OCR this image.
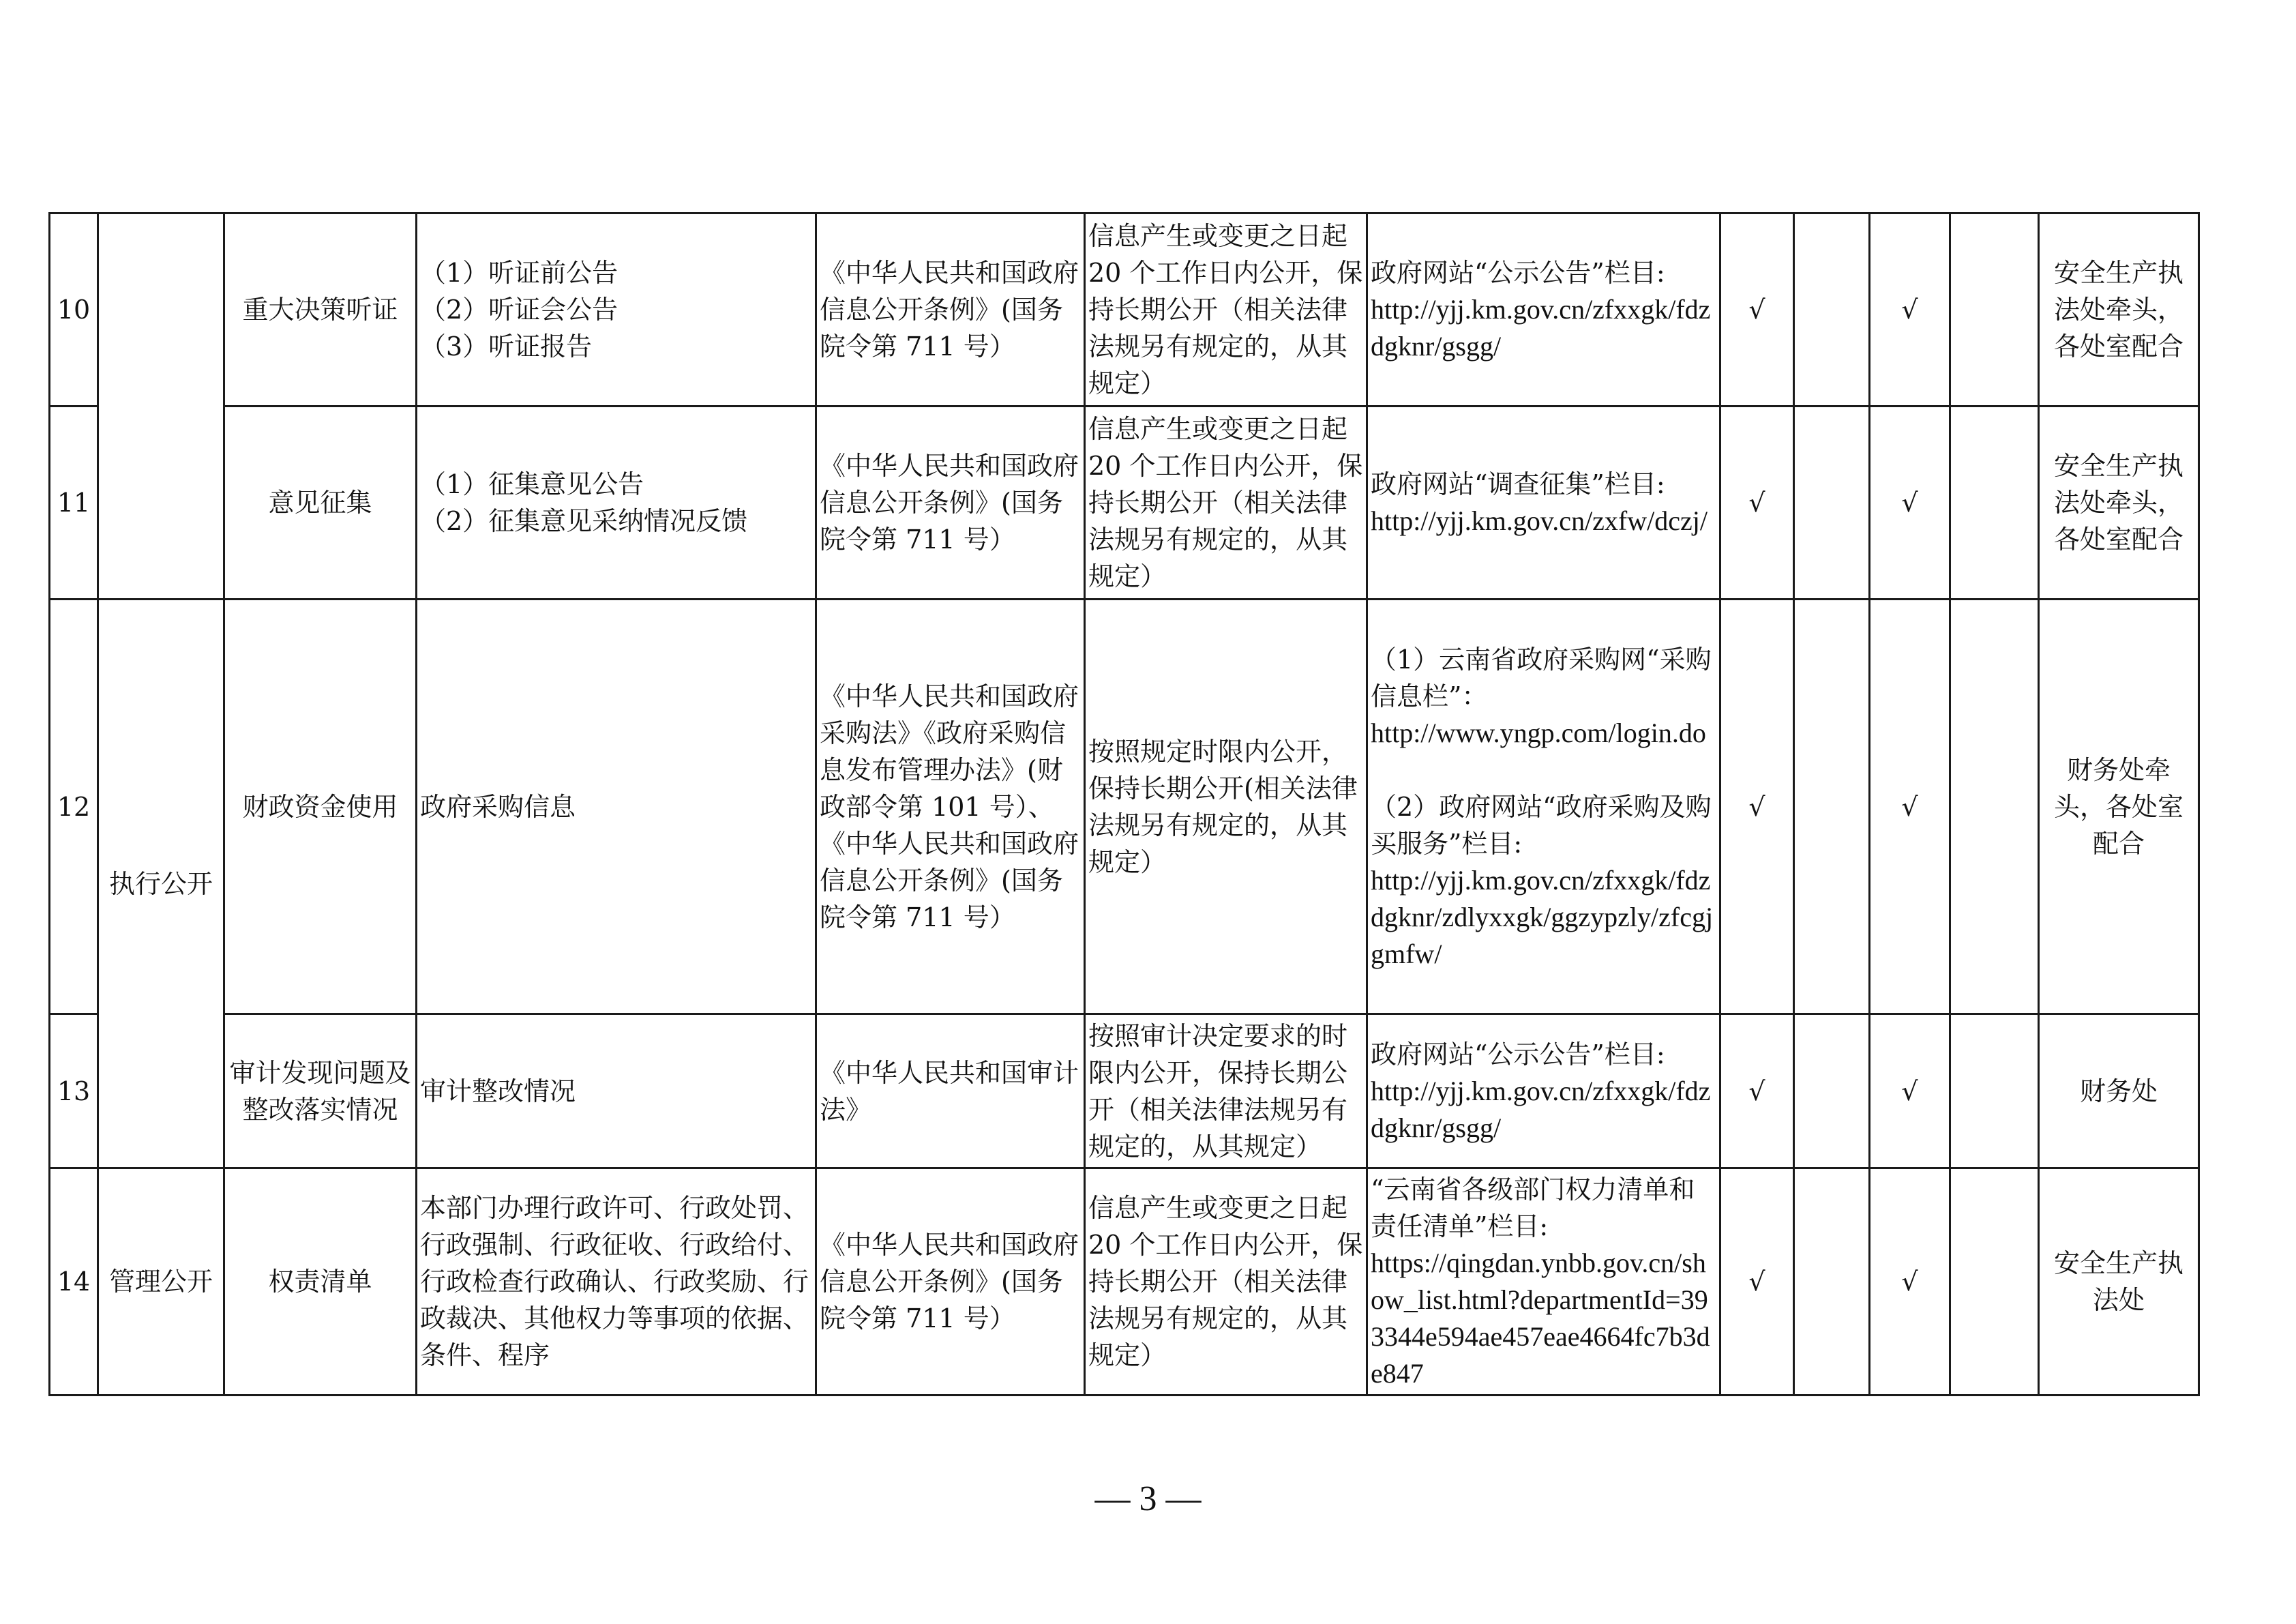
10		重大决策听证	（1）听证前公告
（2）听证会公告
（3）听证报告	《中华人民共和国政府信息公开条例》(国务院令第 711 号）	信息产生或变更之日起 20 个工作日内公开，保持长期公开（相关法律法规另有规定的，从其规定）	政府网站“公示公告”栏目:
http://yjj.km.gov.cn/zfxxgk/fdzdgknr/gsgg/	√		√		安全生产执法处牵头，各处室配合
11		意见征集	（1）征集意见公告
（2）征集意见采纳情况反馈	《中华人民共和国政府信息公开条例》(国务院令第 711 号）	信息产生或变更之日起 20 个工作日内公开，保持长期公开（相关法律法规另有规定的，从其规定）	政府网站“调查征集”栏目:
http://yjj.km.gov.cn/zxfw/dczj/	√		√		安全生产执法处牵头，各处室配合
12	执行公开	财政资金使用	政府采购信息	《中华人民共和国政府采购法》《政府采购信息发布管理办法》(财政部令第 101 号）、《中华人民共和国政府信息公开条例》(国务院令第 711 号）	按照规定时限内公开，保持长期公开(相关法律法规另有规定的，从其规定）	（1）云南省政府采购网“采购信息栏”：
http://www.yngp.com/login.do
（2）政府网站“政府采购及购买服务”栏目:
http://yjj.km.gov.cn/zfxxgk/fdzdgknr/zdlyxxgk/ggzypzly/zfcgjgmfw/	√		√		财务处牵头，各处室配合
13		审计发现问题及整改落实情况	审计整改情况	《中华人民共和国审计法》	按照审计决定要求的时限内公开，保持长期公开（相关法律法规另有规定的，从其规定）	政府网站“公示公告”栏目:
http://yjj.km.gov.cn/zfxxgk/fdzdgknr/gsgg/	√		√		财务处
14	管理公开	权责清单	本部门办理行政许可、行政处罚、行政强制、行政征收、行政给付、行政检查行政确认、行政奖励、行政裁决、其他权力等事项的依据、条件、程序	《中华人民共和国政府信息公开条例》(国务院令第 711 号）	信息产生或变更之日起 20 个工作日内公开，保持长期公开（相关法律法规另有规定的，从其规定）	“云南省各级部门权力清单和责任清单”栏目:
https://qingdan.ynbb.gov.cn/show_list.html?departmentId=393344e594ae457eae4664fc7b3de847	√		√		安全生产执法处
— 3 —
